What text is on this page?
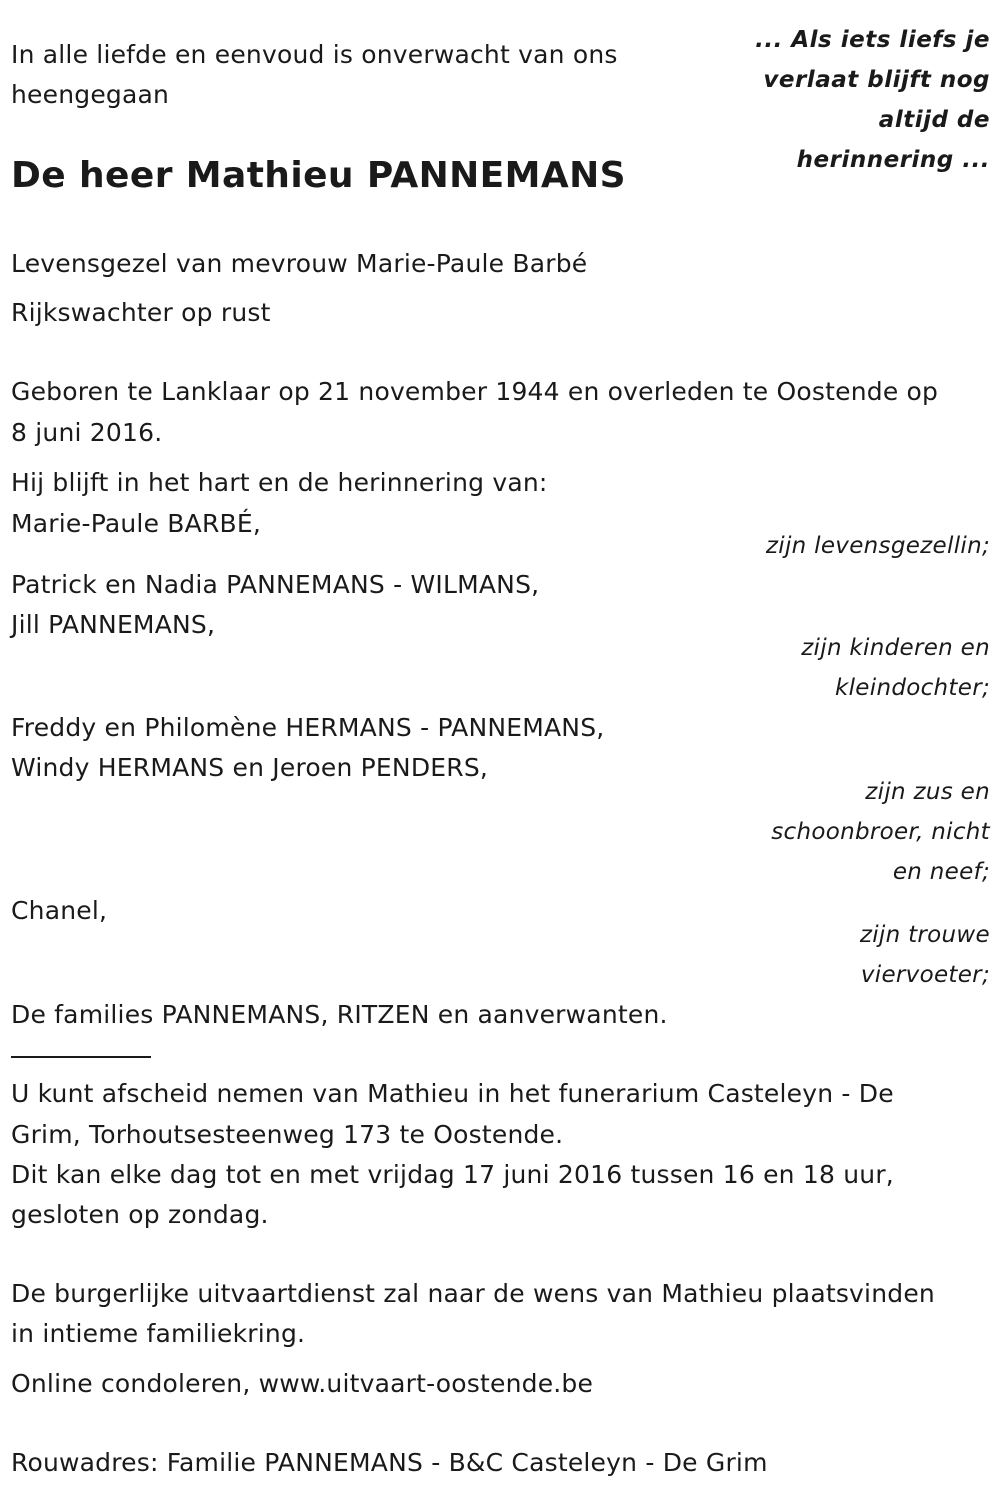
In alle liefde en eenvoud is onverwacht van ons
heengegaan
... Als iets liefs je
verlaat blijft nog
altijd de
herinnering ...
De heer Mathieu PANNEMANS
Levensgezel van mevrouw Marie-Paule Barbé
Rijkswachter op rust
Geboren te Lanklaar op 21 november 1944 en overleden te Oostende op
8 juni 2016.
Hij blijft in het hart en de herinnering van:
Marie-Paule BARBÉ,
zijn levensgezellin;
Patrick en Nadia PANNEMANS - WILMANS,
Jill PANNEMANS,
zijn kinderen en
kleindochter;
Freddy en Philomène HERMANS - PANNEMANS,
Windy HERMANS en Jeroen PENDERS,
zijn zus en
schoonbroer, nicht
en neef;
Chanel,
zijn trouwe
viervoeter;
De families PANNEMANS, RITZEN en aanverwanten.
U kunt afscheid nemen van Mathieu in het funerarium Casteleyn - De
Grim, Torhoutsesteenweg 173 te Oostende.
Dit kan elke dag tot en met vrijdag 17 juni 2016 tussen 16 en 18 uur,
gesloten op zondag.
De burgerlijke uitvaartdienst zal naar de wens van Mathieu plaatsvinden
in intieme familiekring.
Online condoleren, www.uitvaart-oostende.be
Rouwadres: Familie PANNEMANS - B&C Casteleyn - De Grim
